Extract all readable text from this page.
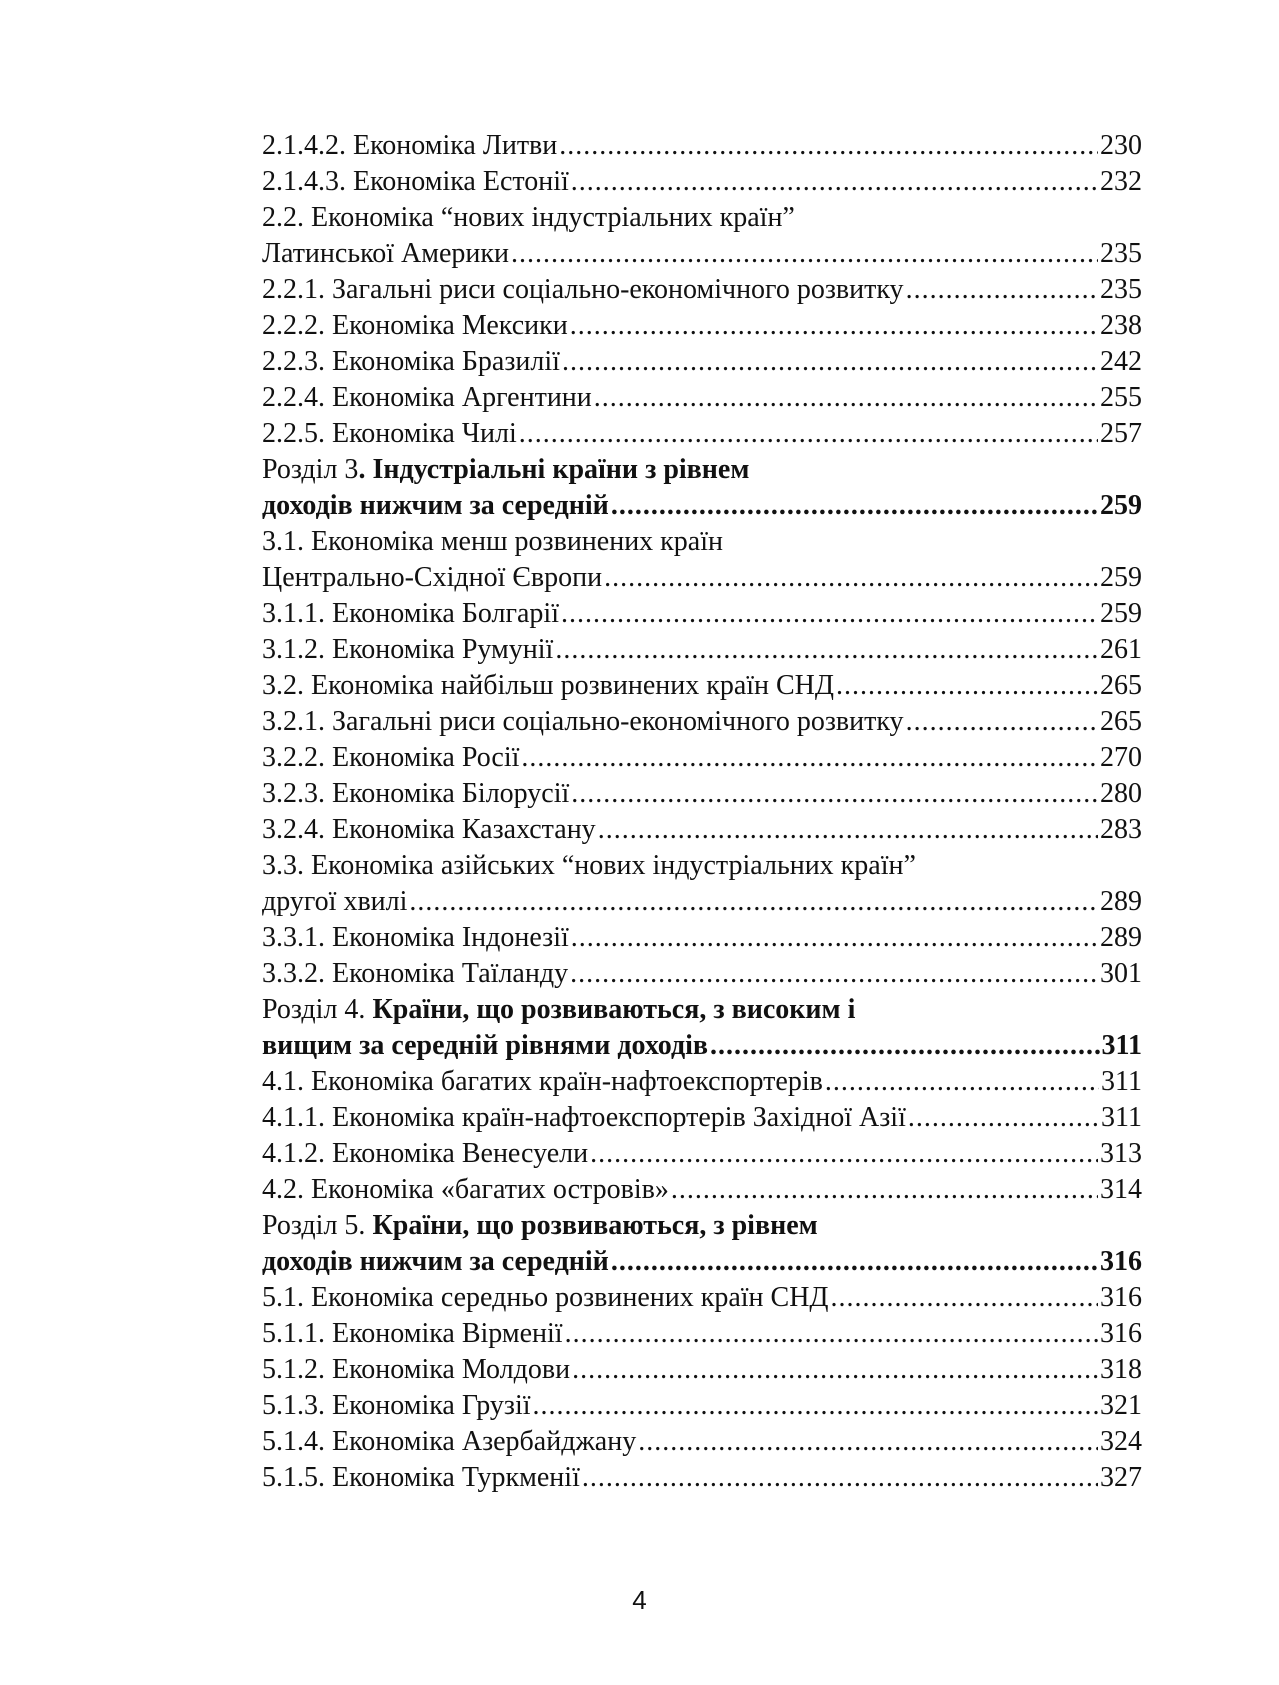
2.1.4.2. Економіка Литви .....	230
2.1.4.3. Економіка Естонії .....	232
2.2. Економіка “нових індустріальних країн”
Латинської Америки .....	235
2.2.1. Загальні риси соціально-економічного розвитку .....	235
2.2.2. Економіка Мексики .....	238
2.2.3. Економіка Бразилії .....	242
2.2.4. Економіка Аргентини .....	255
2.2.5. Економіка Чилі .....	257
Розділ 3. Індустріальні країни з рівнем
доходів нижчим за середній .....	259
3.1. Економіка менш розвинених країн
Центрально-Східної Європи .....	259
3.1.1. Економіка Болгарії .....	259
3.1.2. Економіка Румунії .....	261
3.2. Економіка найбільш розвинених країн СНД .....	265
3.2.1. Загальні риси соціально-економічного розвитку .....	265
3.2.2. Економіка Росії .....	270
3.2.3. Економіка Білорусії .....	280
3.2.4. Економіка Казахстану .....	283
3.3. Економіка азійських “нових індустріальних країн”
другої хвилі .....	289
3.3.1. Економіка Індонезії .....	289
3.3.2. Економіка Таїланду .....	301
Розділ 4. Країни, що розвиваються, з високим і
вищим за середній рівнями доходів .....	311
4.1. Економіка багатих країн-нафтоекспортерів .....	311
4.1.1. Економіка країн-нафтоекспортерів Західної Азії .....	311
4.1.2. Економіка Венесуели .....	313
4.2. Економіка «багатих островів» .....	314
Розділ 5. Країни, що розвиваються, з рівнем
доходів нижчим за середній .....	316
5.1. Економіка середньо розвинених країн СНД .....	316
5.1.1. Економіка Вірменії .....	316
5.1.2. Економіка Молдови .....	318
5.1.3. Економіка Грузії .....	321
5.1.4. Економіка Азербайджану .....	324
5.1.5. Економіка Туркменії .....	327
4
